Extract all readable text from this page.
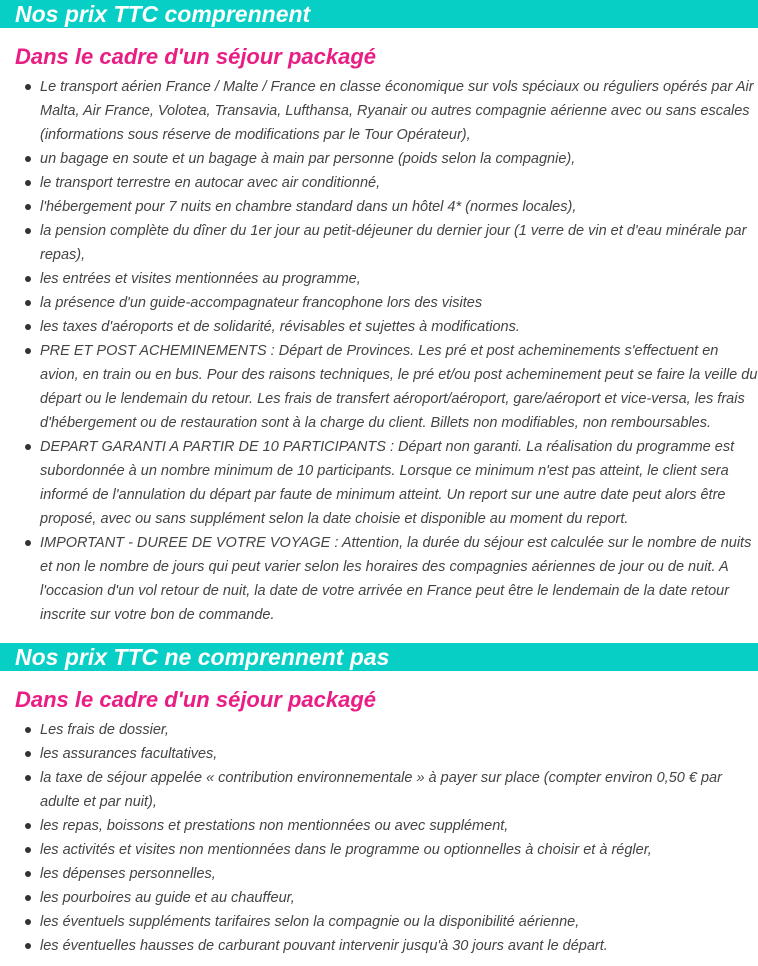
Nos prix TTC comprennent
Dans le cadre d'un séjour packagé
Le transport aérien France / Malte / France en classe économique sur vols spéciaux ou réguliers opérés par Air Malta, Air France, Volotea, Transavia, Lufthansa, Ryanair ou autres compagnie aérienne avec ou sans escales (informations sous réserve de modifications par le Tour Opérateur),
un bagage en soute et un bagage à main par personne (poids selon la compagnie),
le transport terrestre en autocar avec air conditionné,
l'hébergement pour 7 nuits en chambre standard dans un hôtel 4* (normes locales),
la pension complète du dîner du 1er jour au petit-déjeuner du dernier jour (1 verre de vin et d'eau minérale par repas),
les entrées et visites mentionnées au programme,
la présence d'un guide-accompagnateur francophone lors des visites
les taxes d'aéroports et de solidarité, révisables et sujettes à modifications.
PRE ET POST ACHEMINEMENTS : Départ de Provinces. Les pré et post acheminements s'effectuent en avion, en train ou en bus. Pour des raisons techniques, le pré et/ou post acheminement peut se faire la veille du départ ou le lendemain du retour. Les frais de transfert aéroport/aéroport, gare/aéroport et vice-versa, les frais d'hébergement ou de restauration sont à la charge du client. Billets non modifiables, non remboursables.
DEPART GARANTI A PARTIR DE 10 PARTICIPANTS : Départ non garanti. La réalisation du programme est subordonnée à un nombre minimum de 10 participants. Lorsque ce minimum n'est pas atteint, le client sera informé de l'annulation du départ par faute de minimum atteint. Un report sur une autre date peut alors être proposé, avec ou sans supplément selon la date choisie et disponible au moment du report.
IMPORTANT - DUREE DE VOTRE VOYAGE : Attention, la durée du séjour est calculée sur le nombre de nuits et non le nombre de jours qui peut varier selon les horaires des compagnies aériennes de jour ou de nuit. A l'occasion d'un vol retour de nuit, la date de votre arrivée en France peut être le lendemain de la date retour inscrite sur votre bon de commande.
Nos prix TTC ne comprennent pas
Dans le cadre d'un séjour packagé
Les frais de dossier,
les assurances facultatives,
la taxe de séjour appelée « contribution environnementale » à payer sur place (compter environ 0,50 € par adulte et par nuit),
les repas, boissons et prestations non mentionnées ou avec supplément,
les activités et visites non mentionnées dans le programme ou optionnelles à choisir et à régler,
les dépenses personnelles,
les pourboires au guide et au chauffeur,
les éventuels suppléments tarifaires selon la compagnie ou la disponibilité aérienne,
les éventuelles hausses de carburant pouvant intervenir jusqu'à 30 jours avant le départ.
